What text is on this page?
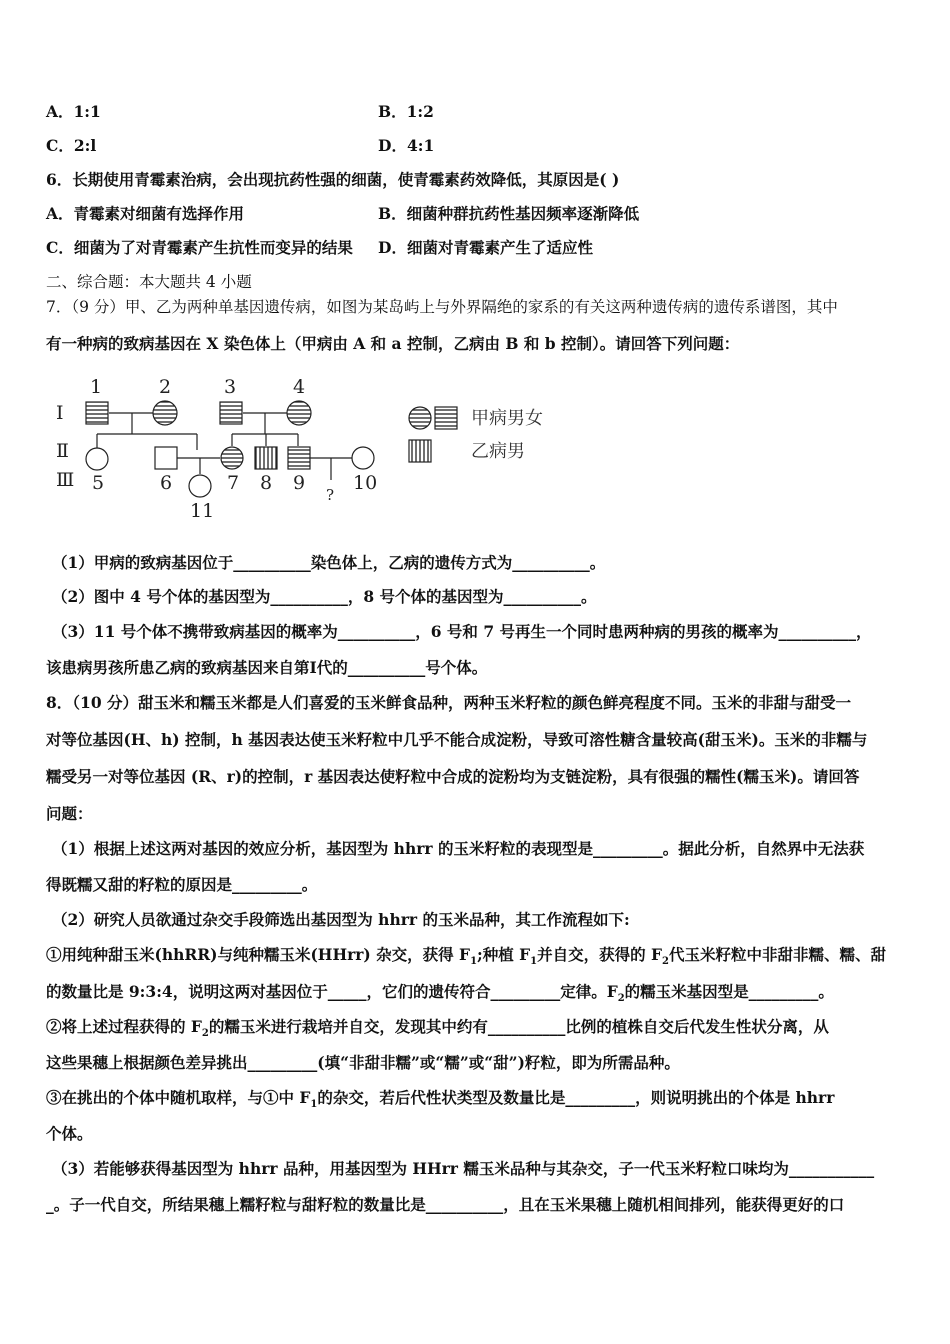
A．1:1	B．1:2
C．2:l	D．4:1
6．长期使用青霉素治病，会出现抗药性强的细菌，使青霉素药效降低，其原因是( )
A．青霉素对细菌有选择作用	B．细菌种群抗药性基因频率逐渐降低
C．细菌为了对青霉素产生抗性而变异的结果 D．细菌对青霉素产生了适应性
二、综合题：本大题共 4 小题
7．（9 分）甲、乙为两种单基因遗传病，如图为某岛屿上与外界隔绝的家系的有关这两种遗传病的遗传系谱图，其中
有一种病的致病基因在 X 染色体上（甲病由 A 和 a 控制，乙病由 B 和 b 控制）。请回答下列问题：
Ⅰ
Ⅱ
Ⅲ
1	2	3	4
5	6	7 8 9	10
11
?
甲病男女
乙病男
（1）甲病的致病基因位于__________染色体上，乙病的遗传方式为__________。
（2）图中 4 号个体的基因型为__________，8 号个体的基因型为__________。
（3）11 号个体不携带致病基因的概率为__________，6 号和 7 号再生一个同时患两种病的男孩的概率为__________，
该患病男孩所患乙病的致病基因来自第Ⅰ代的__________号个体。
8．（10 分）甜玉米和糯玉米都是人们喜爱的玉米鲜食品种，两种玉米籽粒的颜色鲜亮程度不同。玉米的非甜与甜受一
对等位基因(H、h) 控制，h 基因表达使玉米籽粒中几乎不能合成淀粉，导致可溶性糖含量较高(甜玉米)。玉米的非糯与
糯受另一对等位基因 (R、r)的控制，r 基因表达使籽粒中合成的淀粉均为支链淀粉，具有很强的糯性(糯玉米)。请回答
问题：
（1）根据上述这两对基因的效应分析，基因型为 hhrr 的玉米籽粒的表现型是_________。据此分析，自然界中无法获
得既糯又甜的籽粒的原因是_________。
（2）研究人员欲通过杂交手段筛选出基因型为 hhrr 的玉米品种，其工作流程如下:
①用纯种甜玉米(hhRR)与纯种糯玉米(HHrr) 杂交，获得 $F_1$;种植 $F_1$并自交，获得的 $F_2$代玉米籽粒中非甜非糯、糯、甜
的数量比是 9:3:4，说明这两对基因位于_____，它们的遗传符合_________定律。$F_2$的糯玉米基因型是_________。
②将上述过程获得的 $F_2$的糯玉米进行栽培并自交，发现其中约有__________比例的植株自交后代发生性状分离，从
这些果穗上根据颜色差异挑出_________(填“非甜非糯”或“糯”或“甜”)籽粒，即为所需品种。
③在挑出的个体中随机取样，与①中 $F_1$的杂交，若后代性状类型及数量比是_________，则说明挑出的个体是 hhrr
个体。
（3）若能够获得基因型为 hhrr 品种，用基因型为 HHrr 糯玉米品种与其杂交，子一代玉米籽粒口味均为___________
_。子一代自交，所结果穗上糯籽粒与甜籽粒的数量比是__________，且在玉米果穗上随机相间排列，能获得更好的口
